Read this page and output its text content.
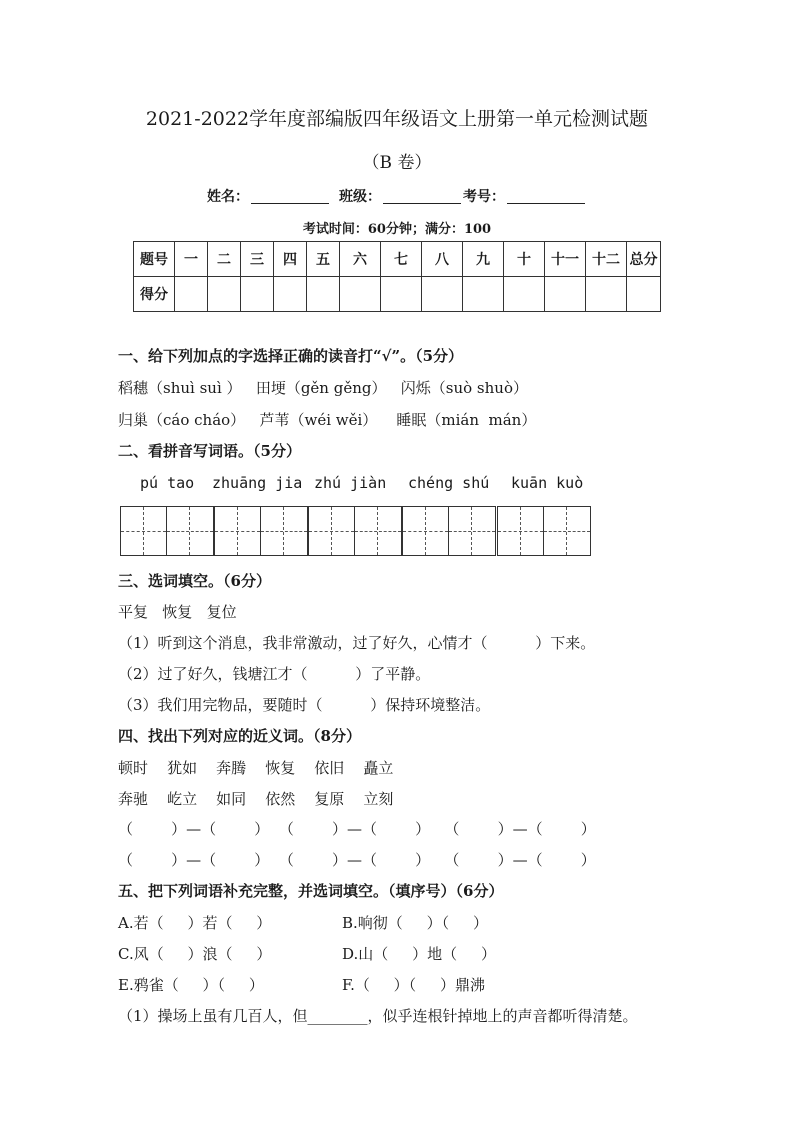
2021-2022学年度部编版四年级语文上册第一单元检测试题
（B 卷）
姓名：	班级：	考号：
考试时间：60分钟；满分：100
题号	一	二	三	四	五	六	七	八	九	十	十一	十二	总分
得分													
一、给下列加点的字选择正确的读音打“√”。（5分）
稻穗（shuì suì ）   田埂（gěn gěng）   闪烁（suò shuò）
归巢（cáo cháo）   芦苇（wéi wěi）    睡眠（mián  mán）
二、看拼音写词语。（5分）
pú tao zhuāng jia zhú jiàn chéng shú kuān kuò
三、选词填空。（6分）
平复   恢复   复位
（1）听到这个消息，我非常激动，过了好久，心情才（          ）下来。
（2）过了好久，钱塘江才（          ）了平静。
（3）我们用完物品，要随时（          ）保持环境整洁。
四、找出下列对应的近义词。（8分）
顿时    犹如    奔腾    恢复    依旧    矗立
奔驰    屹立    如同    依然    复原    立刻
（        ）—（        ）  （        ）—（        ）   （        ）—（        ）
（        ）—（        ）  （        ）—（        ）   （        ）—（        ）
五、把下列词语补充完整，并选词填空。（填序号）（6分）
A.若（     ）若（     ）	B.响彻（     ）（     ）
C.风（     ）浪（     ）	D.山（     ）地（     ）
E.鸦雀（     ）（     ）	F.（     ）（     ）鼎沸
（1）操场上虽有几百人，但________，似乎连根针掉地上的声音都听得清楚。
